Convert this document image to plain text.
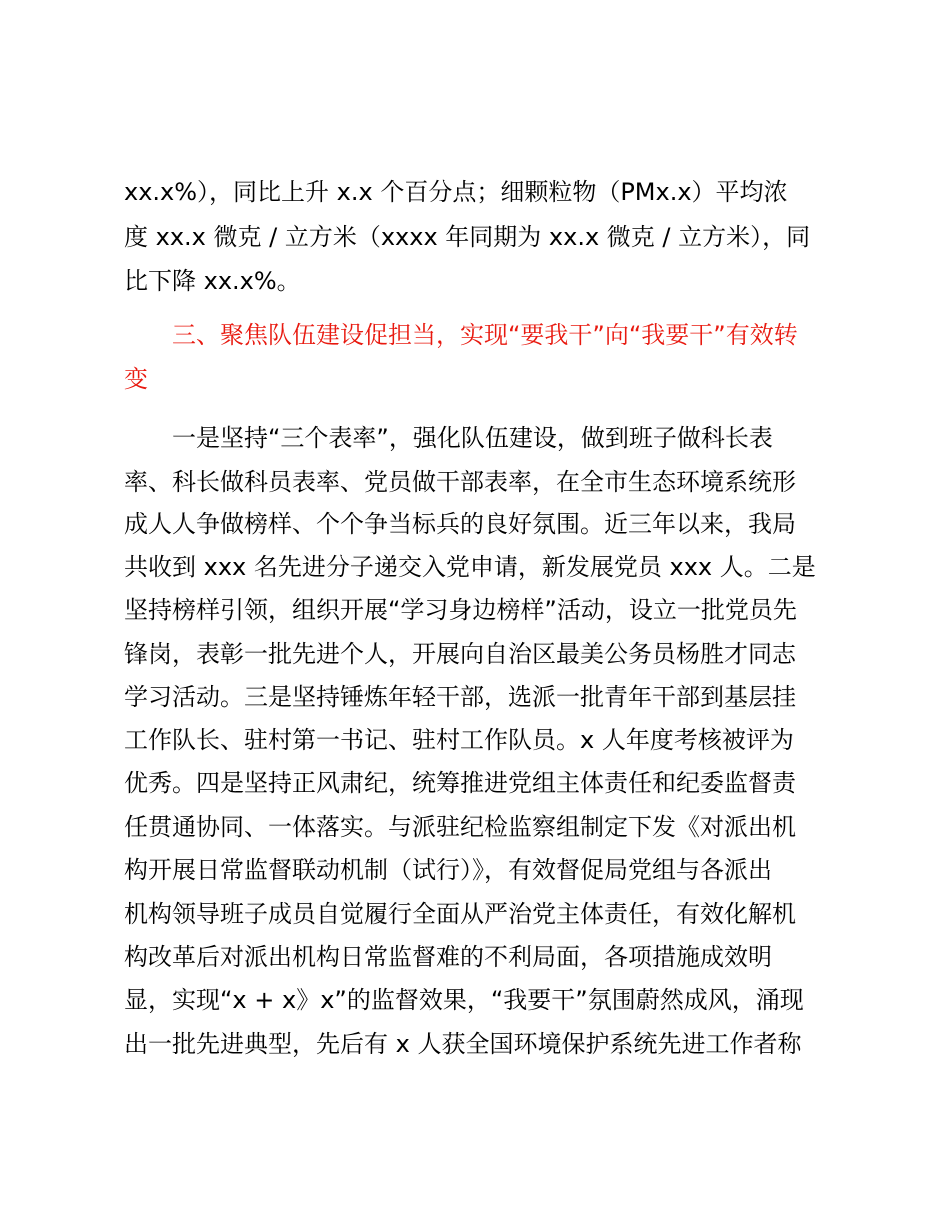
xx.x%），同比上升 x.x 个百分点；细颗粒物（PMx.x）平均浓
度 xx.x 微克 / 立方米（xxxx 年同期为 xx.x 微克 / 立方米），同
比下降 xx.x%。
三、聚焦队伍建设促担当，实现“要我干”向“我要干”有效转
变
一是坚持“三个表率”，强化队伍建设，做到班子做科长表
率、科长做科员表率、党员做干部表率，在全市生态环境系统形
成人人争做榜样、个个争当标兵的良好氛围。近三年以来，我局
共收到 xxx 名先进分子递交入党申请，新发展党员 xxx 人。二是
坚持榜样引领，组织开展“学习身边榜样”活动，设立一批党员先
锋岗，表彰一批先进个人，开展向自治区最美公务员杨胜才同志
学习活动。三是坚持锤炼年轻干部，选派一批青年干部到基层挂
工作队长、驻村第一书记、驻村工作队员。x 人年度考核被评为
优秀。四是坚持正风肃纪，统筹推进党组主体责任和纪委监督责
任贯通协同、一体落实。与派驻纪检监察组制定下发《对派出机
构开展日常监督联动机制（试行）》，有效督促局党组与各派出
机构领导班子成员自觉履行全面从严治党主体责任，有效化解机
构改革后对派出机构日常监督难的不利局面，各项措施成效明
显，实现“x + x》x”的监督效果，“我要干”氛围蔚然成风，涌现
出一批先进典型，先后有 x 人获全国环境保护系统先进工作者称
